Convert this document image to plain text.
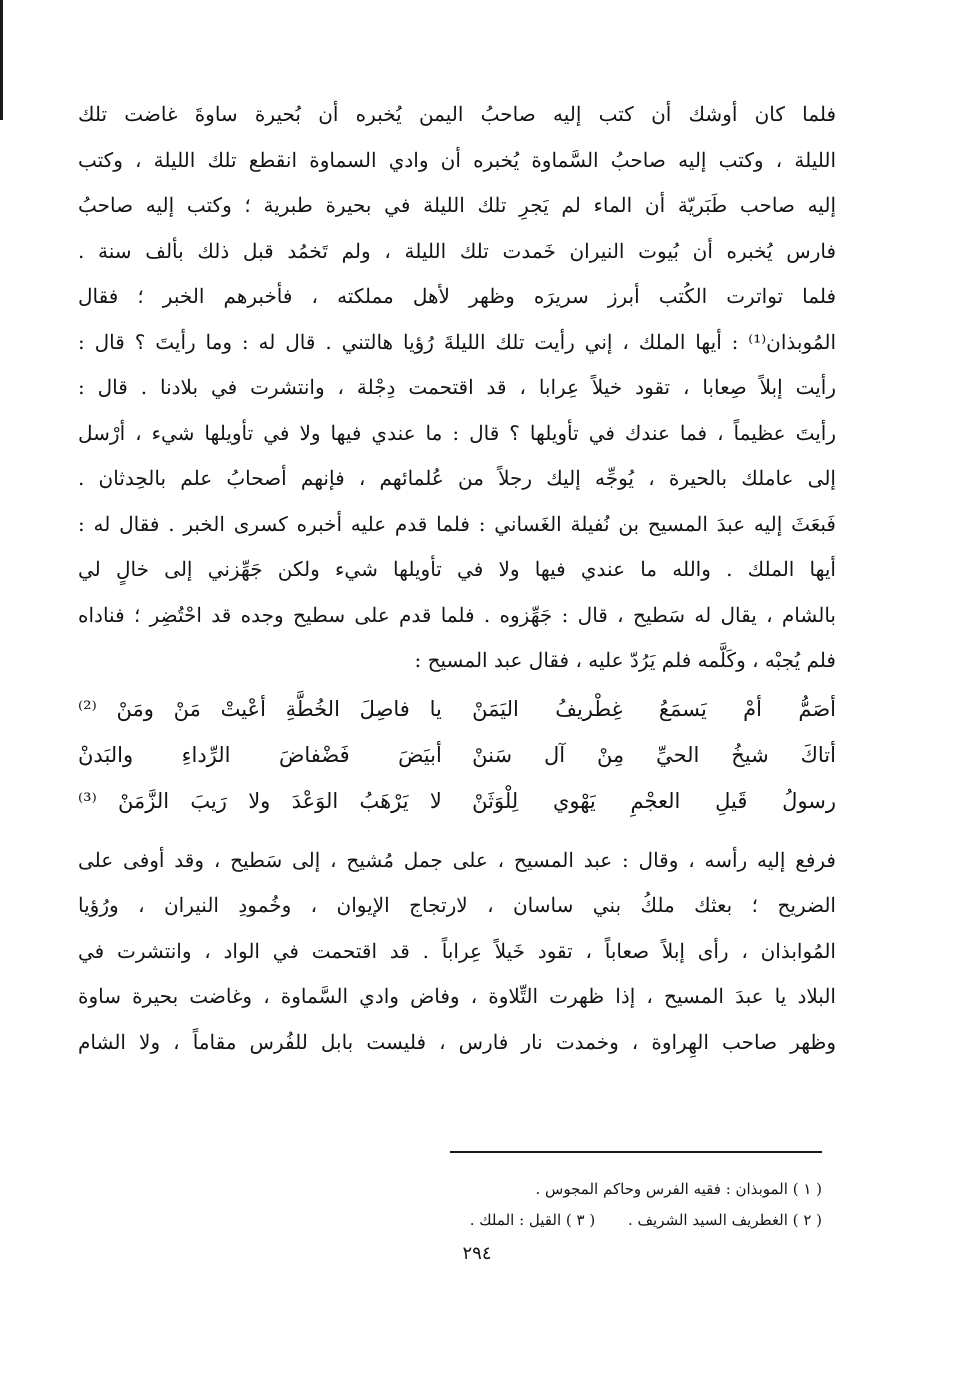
فلما كان أوشك أن كتب إليه صاحبُ اليمن يُخبره أن بُحيرة ساوةَ غاضت تلك
الليلة ، وكتب إليه صاحبُ السَّماوة يُخبره أن وادي السماوة انقطع تلك الليلة ، وكتب
إليه صاحب طَبَريّة أن الماء لم يَجرِ تلك الليلة في بحيرة طبرية ؛ وكتب إليه صاحبُ
فارس يُخبره أن بُيوت النيران خَمدت تلك الليلة ، ولم تَخمُد قبل ذلك بألف سنة .
فلما تواترت الكُتب أبرز سريرَه وظهر لأهل مملكته ، فأخبرهم الخبر ؛ فقال
المُوبذان⁽¹⁾ : أيها الملك ، إني رأيت تلك الليلةَ رُؤيا هالتني . قال له : وما رأيتَ ؟ قال :
رأيت إبلاً صِعابا ، تقود خيلاً عِرابا ، قد اقتحمت دِجْلة ، وانتشرت في بلادنا . قال :
رأيتَ عظيماً ، فما عندك في تأويلها ؟ قال : ما عندي فيها ولا في تأويلها شيء ، أرْسل
إلى عاملك بالحيرة ، يُوجِّه إليك رجلاً من عُلمائهم ، فإنهم أصحابُ علم بالحِدثان .
فَبعَثَ إليه عبدَ المسيح بن نُفيلة الغَساني : فلما قدم عليه أخبره كسرى الخبر . فقال له :
أيها الملك . والله ما عندي فيها ولا في تأويلها شيء ولكن جَهِّزني إلى خالٍ لي
بالشام ، يقال له سَطيح ، قال : جَهِّزوه . فلما قدم على سطيح وجده قد احْتُضِر ؛ فناداه
فلم يُجبْه ، وكَلَّمه فلم يَرُدّ عليه ، فقال عبد المسيح :
أصَمُّ أمْ يَسمَعُ غِطْريفُ اليَمَنْ
يا فاصِلَ الخُطَّةِ أعْيتْ مَنْ ومَنْ ⁽²⁾
أتاكَ شيخُ الحيِّ مِنْ آل سَننْ
أبيَضَ فَضْفاضَ الرِّداءِ والبَدنْ
رسولُ قَيلِ العجْمِ يَهْوي لِلْوَثَنْ
لا يَرْهَبُ الوَعْدَ ولا رَيبَ الزَّمَنْ ⁽³⁾
فرفع إليه رأسه ، وقال : عبد المسيح ، على جمل مُشيح ، إلى سَطيح ، وقد أوفى على
الضريح ؛ بعثك ملكُ بني ساسان ، لارتجاج الإيوان ، وخُمودِ النيران ، ورُؤيا
المُوابذان ، رأى إبلاً صعاباً ، تقود خَيلاً عِراباً . قد اقتحمت في الواد ، وانتشرت في
البلاد يا عبدَ المسيح ، إذا ظهرت التِّلاوة ، وفاض وادي السَّماوة ، وغاضت بحيرة ساوة
وظهر صاحب الهِراوة ، وخمدت نار فارس ، فليست بابل للفُرس مقاماً ، ولا الشام
( ١ ) الموبذان : فقيه الفرس وحاكم المجوس .
( ٢ ) الغطريف السيد الشريف . ( ٣ ) القيل : الملك .
٢٩٤
